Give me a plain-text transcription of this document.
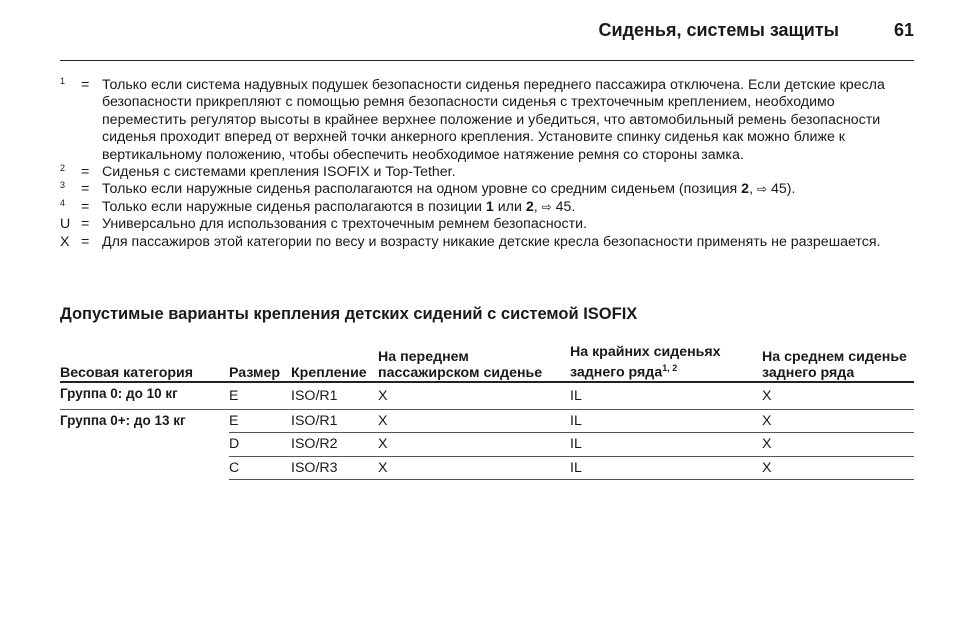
Сиденья, системы защиты	61
1	= Только если система надувных подушек безопасности сиденья переднего пассажира отключена. Если детские кресла безопасности прикрепляют с помощью ремня безопасности сиденья с трехточечным креплением, необходимо переместить регулятор высоты в крайнее верхнее положение и убедиться, что автомобильный ремень безопасности сиденья проходит вперед от верхней точки анкерного крепления. Установите спинку сиденья как можно ближе к вертикальному положению, чтобы обеспечить необходимое натяжение ремня со стороны замка.
2	= Сиденья с системами крепления ISOFIX и Top-Tether.
3	= Только если наружные сиденья располагаются на одном уровне со средним сиденьем (позиция 2, ⇨ 45).
4	= Только если наружные сиденья располагаются в позиции 1 или 2, ⇨ 45.
U = Универсально для использования с трехточечным ремнем безопасности.
X = Для пассажиров этой категории по весу и возрасту никакие детские кресла безопасности применять не разрешается.
Допустимые варианты крепления детских сидений с системой ISOFIX
Весовая категория	Размер	Крепление	На переднем пассажирском сиденье	На крайних сиденьях заднего ряда$^{1, 2}$	На среднем сиденье заднего ряда
Группа 0: до 10 кг	E	ISO/R1	X	IL	X
Группа 0+: до 13 кг	E	ISO/R1	X	IL	X
	D	ISO/R2	X	IL	X
	C	ISO/R3	X	IL	X
